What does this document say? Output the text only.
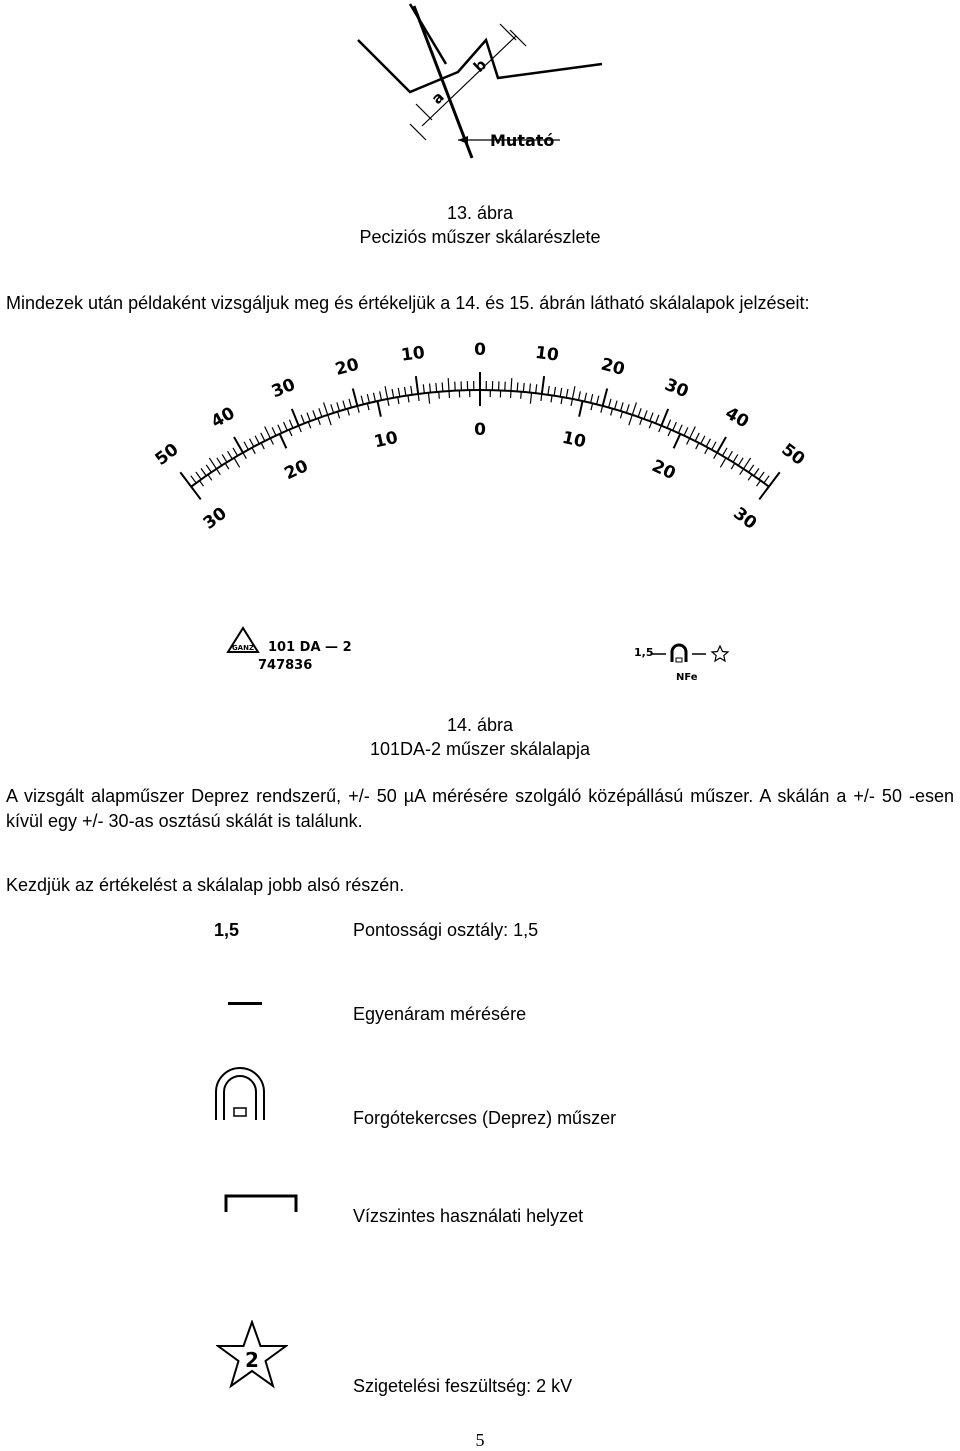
a
b
Mutató
13. ábra
Peciziós műszer skálarészlete
Mindezek után példaként vizsgáljuk meg és értékeljük a 14. és 15. ábrán látható skálalapok jelzéseit:
50
40
30
20
10	0	10
20
30
40
50
30
20
10	0	10
20
30
GANZ 101 DA — 2
747836
1,5
NFe
14. ábra
101DA-2 műszer skálalapja
A vizsgált alapműszer Deprez rendszerű, +/- 50 µA mérésére szolgáló középállású műszer. A skálán a +/- 50 -esen kívül egy +/- 30-as osztású skálát is találunk.
Kezdjük az értékelést a skálalap jobb alsó részén.
1,5	Pontossági osztály: 1,5
Egyenáram mérésére
Forgótekercses (Deprez) műszer
Vízszintes használati helyzet
2
Szigetelési feszültség: 2 kV
5
